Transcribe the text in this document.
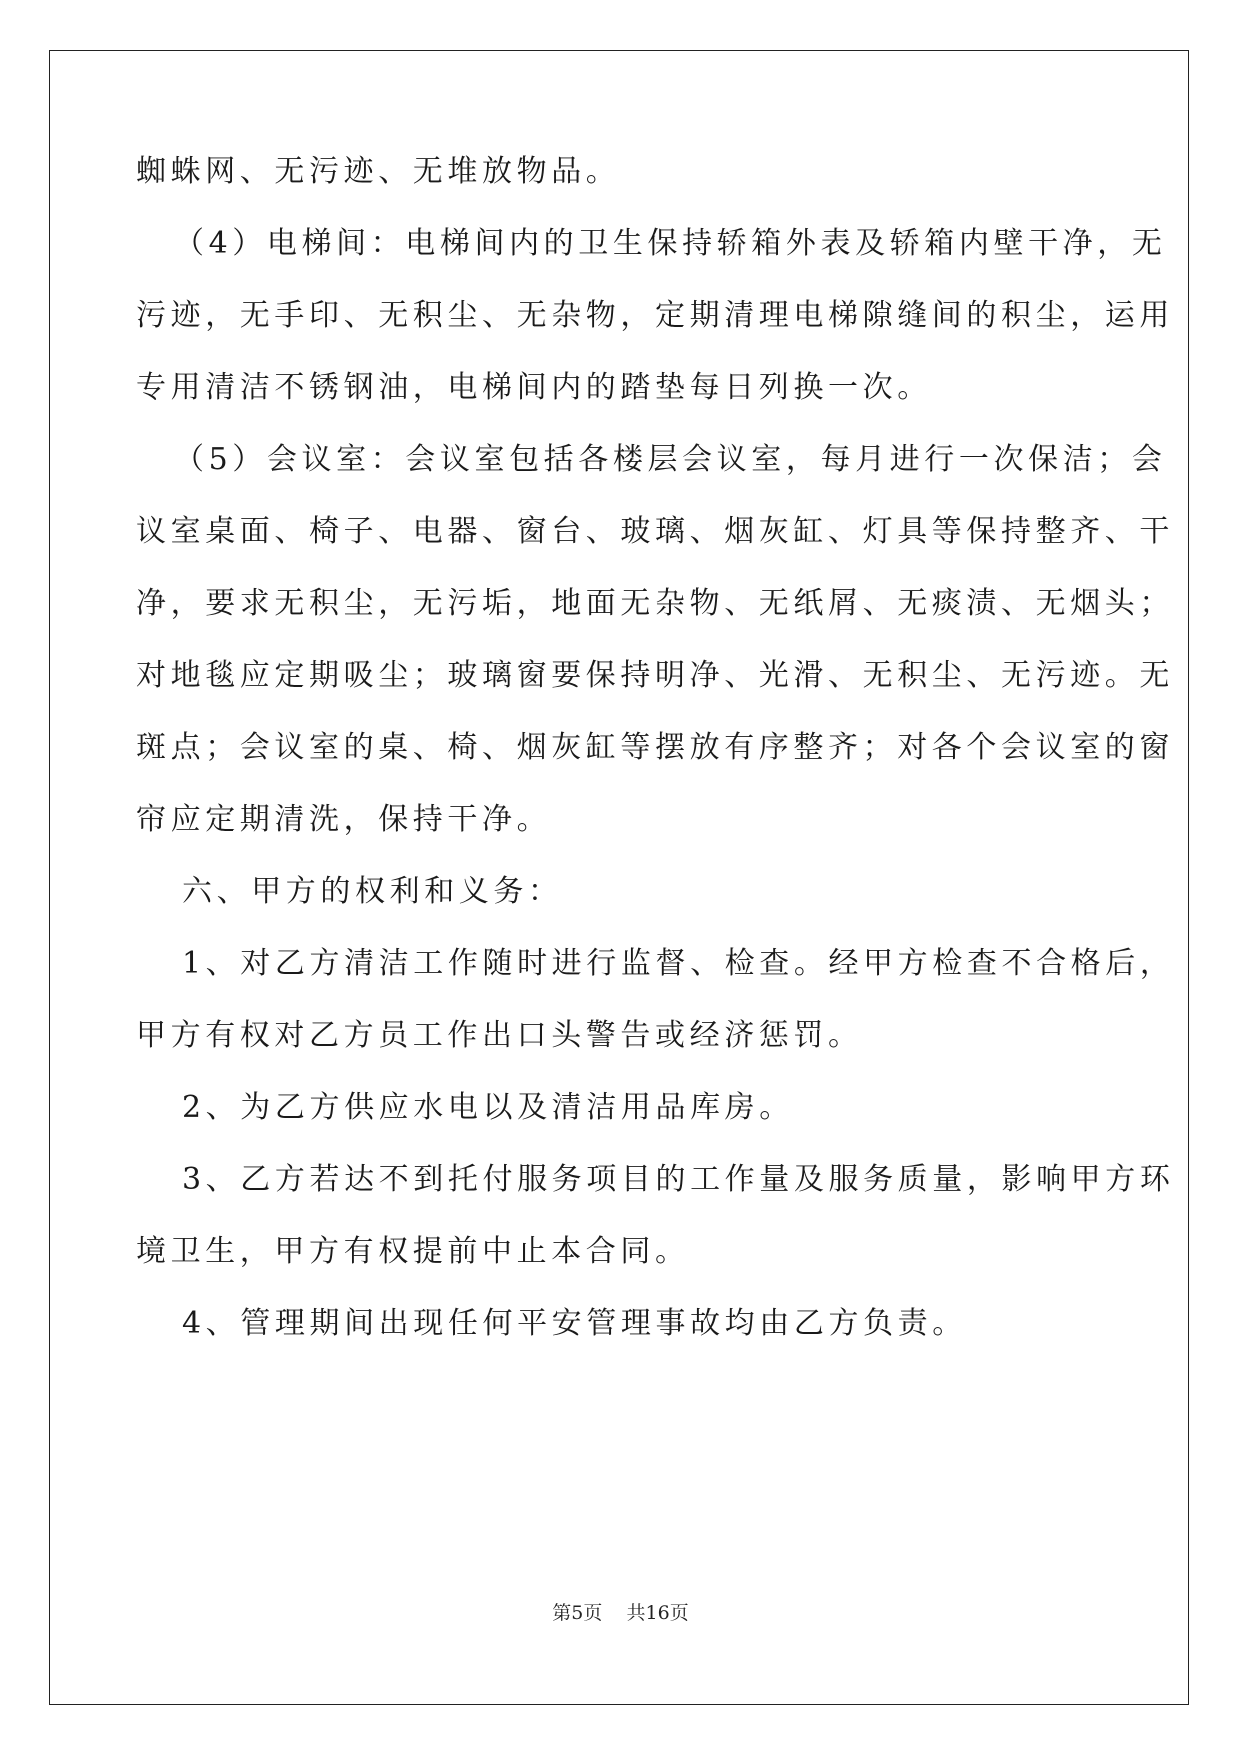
蜘蛛网、无污迹、无堆放物品。
（4）电梯间：电梯间内的卫生保持轿箱外表及轿箱内壁干净，无
污迹，无手印、无积尘、无杂物，定期清理电梯隙缝间的积尘，运用
专用清洁不锈钢油，电梯间内的踏垫每日列换一次。
（5）会议室：会议室包括各楼层会议室，每月进行一次保洁；会
议室桌面、椅子、电器、窗台、玻璃、烟灰缸、灯具等保持整齐、干
净，要求无积尘，无污垢，地面无杂物、无纸屑、无痰渍、无烟头；
对地毯应定期吸尘；玻璃窗要保持明净、光滑、无积尘、无污迹。无
斑点；会议室的桌、椅、烟灰缸等摆放有序整齐；对各个会议室的窗
帘应定期清洗，保持干净。
六、甲方的权利和义务：
1、对乙方清洁工作随时进行监督、检查。经甲方检查不合格后，
甲方有权对乙方员工作出口头警告或经济惩罚。
2、为乙方供应水电以及清洁用品库房。
3、乙方若达不到托付服务项目的工作量及服务质量，影响甲方环
境卫生，甲方有权提前中止本合同。
4、管理期间出现任何平安管理事故均由乙方负责。
第5页 共16页
